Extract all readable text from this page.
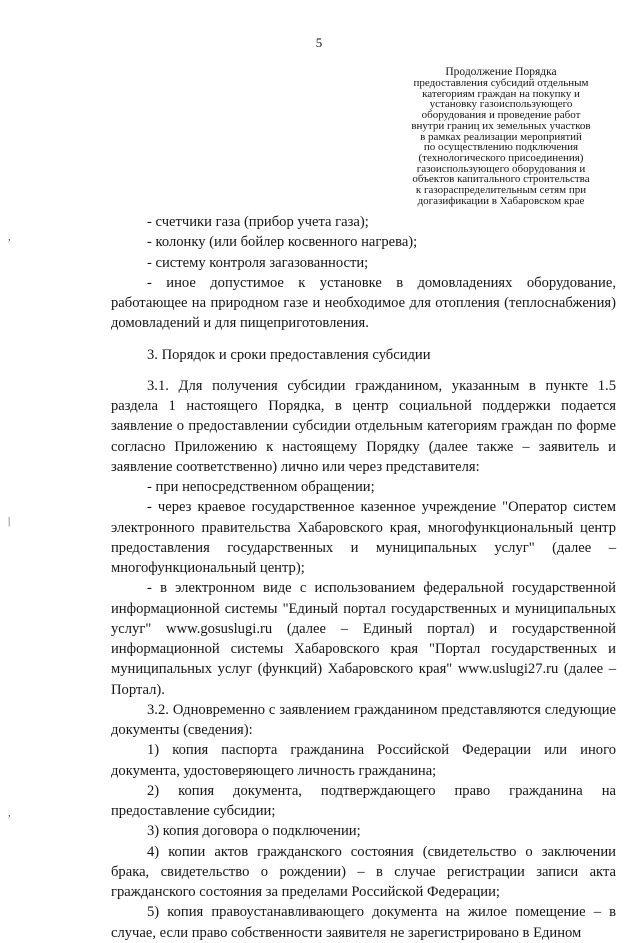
5
Продолжение Порядка
предоставления субсидий отдельным
категориям граждан на покупку и
установку газоиспользующего
оборудования и проведение работ
внутри границ их земельных участков
в рамках реализации мероприятий
по осуществлению подключения
(технологического присоединения)
газоиспользующего оборудования и
объектов капитального строительства
к газораспределительным сетям при
догазификации в Хабаровском крае

- счетчики газа (прибор учета газа);

- колонку (или бойлер косвенного нагрева);

- систему контроля загазованности;

- иное допустимое к установке в домовладениях оборудование, работающее на природном газе и необходимое для отопления (теплоснабжения) домовладений и для пищеприготовления.

3. Порядок и сроки предоставления субсидии

3.1. Для получения субсидии гражданином, указанным в пункте 1.5 раздела 1 настоящего Порядка, в центр социальной поддержки подается заявление о предоставлении субсидии отдельным категориям граждан по форме согласно Приложению к настоящему Порядку (далее также – заявитель и заявление соответственно) лично или через представителя:

- при непосредственном обращении;

- через краевое государственное казенное учреждение "Оператор систем электронного правительства Хабаровского края, многофункциональный центр предоставления государственных и муниципальных услуг" (далее – многофункциональный центр);

- в электронном виде с использованием федеральной государственной информационной системы "Единый портал государственных и муниципальных услуг" www.gosuslugi.ru (далее – Единый портал) и государственной информационной системы Хабаровского края "Портал государственных и муниципальных услуг (функций) Хабаровского края" www.uslugi27.ru (далее – Портал).

3.2. Одновременно с заявлением гражданином представляются следующие документы (сведения):

1) копия паспорта гражданина Российской Федерации или иного документа, удостоверяющего личность гражданина;

2) копия документа, подтверждающего право гражданина на предоставление субсидии;

3) копия договора о подключении;

4) копии актов гражданского состояния (свидетельство о заключении брака, свидетельство о рождении) – в случае регистрации записи акта гражданского состояния за пределами Российской Федерации;

5) копия правоустанавливающего документа на жилое помещение – в случае, если право собственности заявителя не зарегистрировано в Едином

,
|
,
